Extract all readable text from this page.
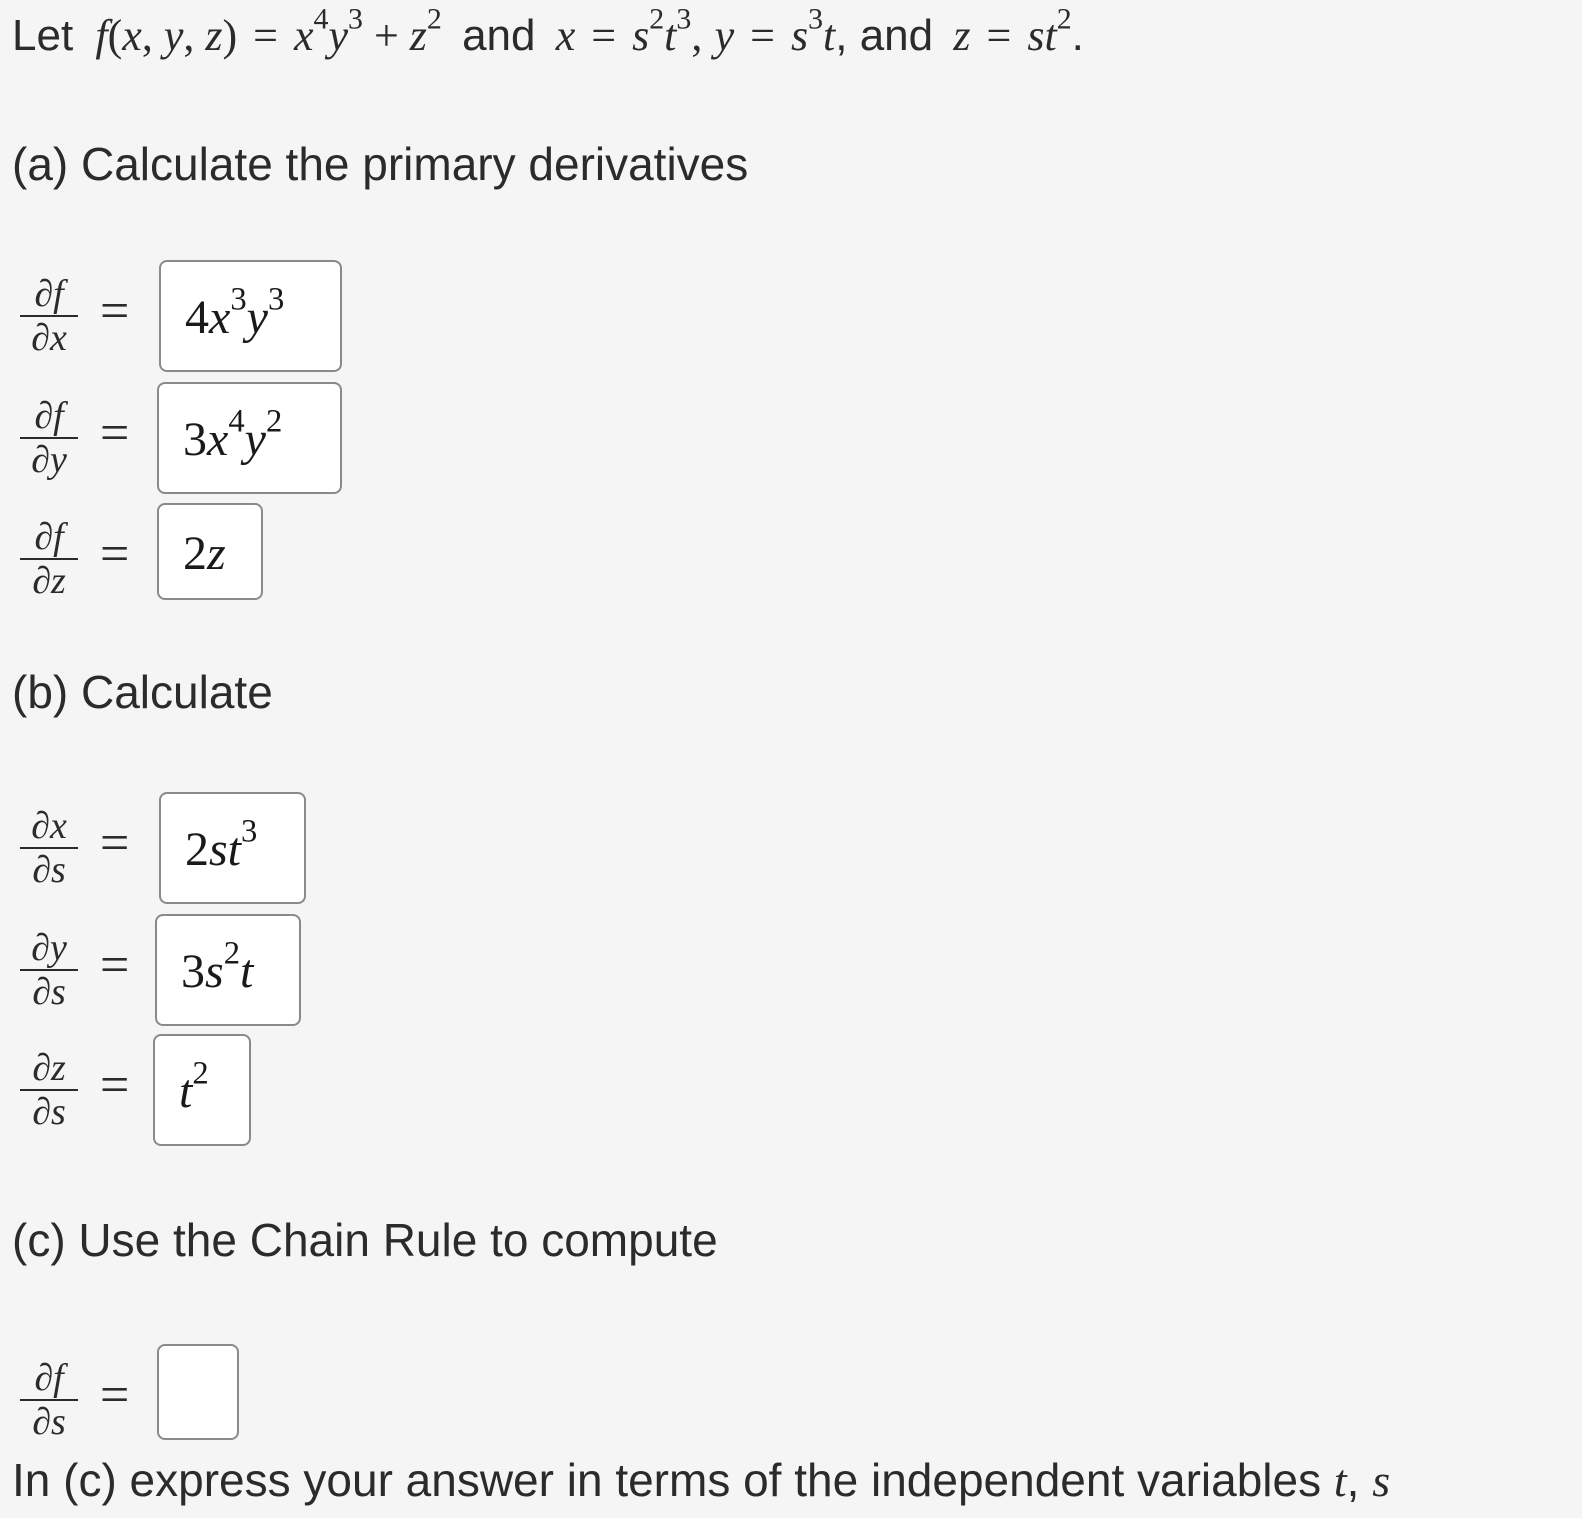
Let f(x, y, $z) = x^4y^3 + z^2$ and $x = s^2t^3$, $y = s^3t$, and $z = st^2$.
(a) Calculate the primary derivatives
∂f
∂x =	$4x^3y^3$
∂f
∂y =	$3x^4y^2$
∂f
∂z =	2z
(b) Calculate
∂x
∂s =	$2st^3$
∂y
∂s =	$3s^2t$
∂z
∂s =	$t^2$
(c) Use the Chain Rule to compute
∂f
∂s =
In (c) express your answer in terms of the independent variables t, s
